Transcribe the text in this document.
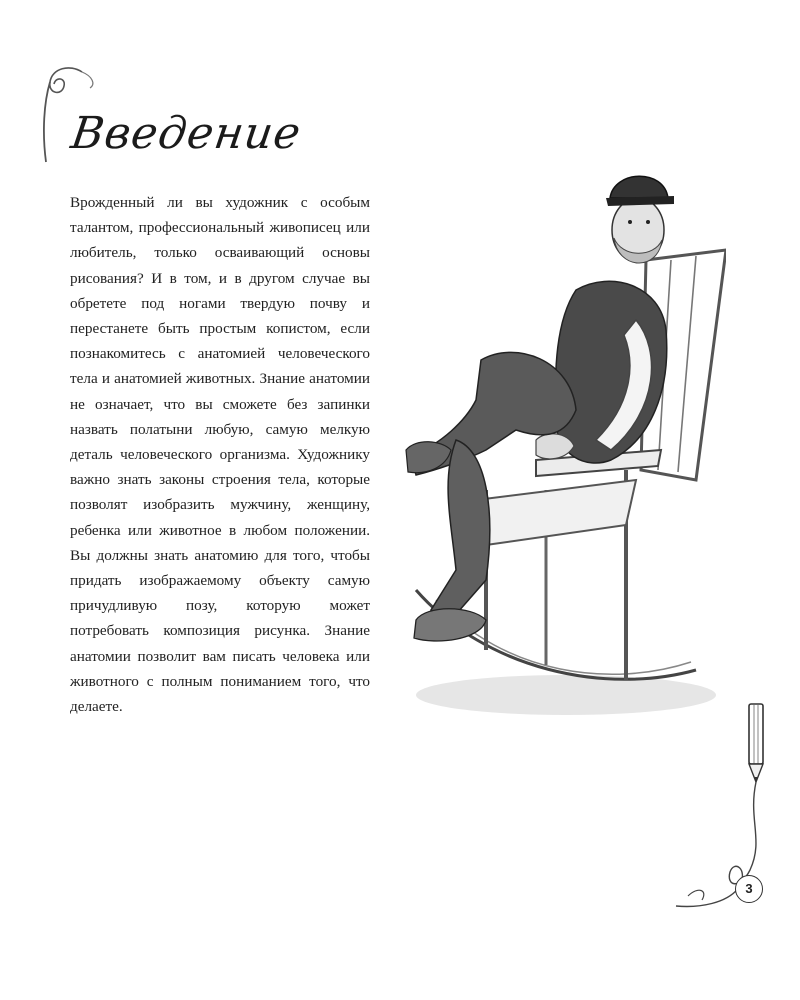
Введение

Врожденный ли вы художник с особым талантом, профессиональный живописец или любитель, только осваивающий основы рисования? И в том, и в другом случае вы обретете под ногами твердую почву и перестанете быть простым копистом, если познакомитесь с анатомией человеческого тела и анатомией животных. Знание анатомии не означает, что вы сможете без запинки назвать полатыни любую, самую мелкую деталь человеческого организма. Художнику важно знать законы строения тела, которые позволят изобразить мужчину, женщину, ребенка или животное в любом положении. Вы должны знать анатомию для того, чтобы придать изображаемому объекту самую причудливую позу, которую может потребовать композиция рисунка. Знание анатомии позволит вам писать человека или животного с полным пониманием того, что делаете.

3
